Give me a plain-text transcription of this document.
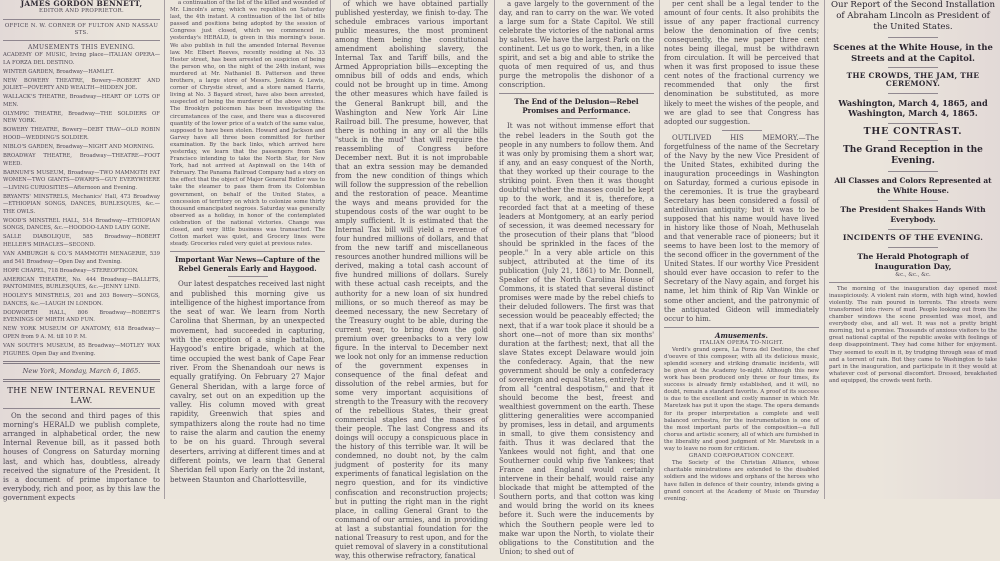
JAMES GORDON BENNETT,
EDITOR AND PROPRIETOR.
OFFICE N. W. CORNER OF FULTON AND NASSAU STS.
AMUSEMENTS THIS EVENING.
ACADEMY OF MUSIC, Irving place—ITALIAN OPERA—LA FORZA DEL DESTINO.
WINTER GARDEN, Broadway—HAMLET.
NEW BOWERY THEATRE, Bowery—ROBERT AND JOLIET—POVERTY AND WEALTH—HIDDEN JOE.
WALLACK'S THEATRE, Broadway—HEART OF LOTS OF MEN.
OLYMPIC THEATRE, Broadway—THE SOLDIERS OF NEW YORK.
BOWERY THEATRE, Bowery—DEBT TRAV—OLD ROBIN HOOD—WEDDING'S SOLDIER.
NIBLO'S GARDEN, Broadway—NIGHT AND MORNING.
BROADWAY THEATRE, Broadway—THEATRE—FOOT WEED.
BARNUM'S MUSEUM, Broadway—TWO MAMMOTH FAT WOMEN—TWO GIANTS—DWARFS—GUY EVERYWHERE—LIVING CURIOSITIES—Afternoon and Evening.
BRYANTS' MINSTRELS, Mechanics' Hall, 473 Broadway—ETHIOPIAN SONGS, DANCES, BURLESQUES, &c.—THE OWLS.
WOOD'S MINSTREL HALL, 514 Broadway—ETHIOPIAN SONGS, DANCES, &c.—HOODOO-LAND LADY GONE.
SALLE DIABOLIQUE, 585 Broadway—ROBERT HELLER'S MIRACLES—SECOND.
VAN AMBURGH & CO.'S MAMMOTH MENAGERIE, 539 and 541 Broadway—Open Day and Evening.
HOPE CHAPEL, 718 Broadway—STEREOPTICON.
AMERICAN THEATRE, No. 444 Broadway—BALLETS, PANTOMIMES, BURLESQUES, &c.—JENNY LIND.
HOOLEY'S MINSTRELS, 201 and 203 Bowery—SONGS, DANCES, &c.—LAUGH IN LONDON.
DODWORTH HALL, 806 Broadway—ROBERT'S EVENINGS OF MIRTH AND FUN.
NEW YORK MUSEUM OF ANATOMY, 618 Broadway—OPEN from 9 A. M. till 10 P. M.
VAN SOUTH'S MUSEUM, 85 Broadway—MOTLEY WAX FIGURES. Open Day and Evening.
New York, Monday, March 6, 1865.
THE NEW INTERNAL REVENUE LAW.

On the second and third pages of this morning's HERALD we publish complete, arranged in alphabetical order, the new Internal Revenue bill, as it passed both houses of Congress on Saturday morning last, and which has, doubtless, already received the signature of the President. It is a document of prime importance to everybody, rich and poor, as by this law the government expects

a continuation of the list of the killed and wounded of Mr. Lincoln's army, which we republish on Saturday last, the 4th instant. A continuation of the list of bills passed and positions being adopted by the session of Congress just closed, which we commenced in yesterday's HERALD, is given in this morning's issue. We also publish in full the amended Internal Revenue law. Mr. Elbert Reeves, recently residing at No. 33 Hester street, has been arrested on suspicion of being the person who, on the night of the 24th instant, was murdered at Mr. Nathaniel B. Patterson and three brothers, a large store of Messrs. Jenkins & Lewis, corner of Chrystie street, and a store named Harris, living at No. 3 Bayard street, have also been arrested, suspected of being the murderer of the above victims. The Brooklyn policemen has been investigating the circumstances of the case, and there was a discovered quantity of the lower price of a watch of the same value, supposed to have been stolen. Howard and Jackson and Garvey have all three been committed for further examination. By the back links, which arrived here yesterday, we learn that the passengers from San Francisco intending to take the North Star, for New York, had not arrived at Aspinwall on the 14th of February. The Panama Railroad Company had a story on the effect that the object of Major General Butler was to take the steamer to pass them from its Colombian government, on behalf of the United States, a concession of territory on which to colonize some thirty thousand emancipated negroes. Saturday was generally observed as a holiday, in honor of the contemplated celebration of the national victories. Change was closed, and very little business was transacted. The Cotton market was quiet, and Grocery lines were steady. Groceries ruled very quiet at previous rates.

Important War News—Capture of the Rebel Generals Early and Haygood.

Our latest despatches received last night and published this morning give us intelligence of the highest importance from the seat of war. We learn from North Carolina that Sherman, by an unexpected movement, had succeeded in capturing, with the exception of a single battalion, Haygood's entire brigade, which at the time occupied the west bank of Cape Fear river. From the Shenandoah our news is equally gratifying. On February 27 Major General Sheridan, with a large force of cavalry, set out on an expedition up the valley. His column moved with great rapidity, Greenwich that spies and sympathizers along the route had no time to raise the alarm and caution the enemy to be on his guard. Through several deserters, arriving at different times and at different points, we learn that General Sheridan fell upon Early on the 2d instant, between Staunton and Charlottesville,

of which we have obtained partially published yesterday, we finish to-day. The schedule embraces various important public measures, the most prominent among them being the constitutional amendment abolishing slavery, the Internal Tax and Tariff bills, and the Armed Appropriation bills—excepting the omnibus bill of odds and ends, which could not be brought up in time. Among the other measures which have failed is the General Bankrupt bill, and the Washington and New York Air Line Railroad bill. The presume, however, that there is nothing in any or all the bills "stuck in the mud" that will require the reassembling of Congress before December next. But it is not improbable that an extra session may be demanded from the new condition of things which will follow the suppression of the rebellion and the restoration of peace. Meantime the ways and means provided for the stupendous costs of the war ought to be amply sufficient. It is estimated that the Internal Tax bill will yield a revenue of four hundred millions of dollars, and that from the new tariff and miscellaneous resources another hundred millions will be derived, making a total cash account of five hundred millions of dollars. Surely with these actual cash receipts, and the authority for a new loan of six hundred millions, or so much thereof as may be deemed necessary, the new Secretary of the Treasury ought to be able, during the current year, to bring down the gold premium over greenbacks to a very low figure. In the interval to December next we look not only for an immense reduction of the government expenses in consequence of the final defeat and dissolution of the rebel armies, but for some very important acquisitions of strength to the Treasury with the recovery of the rebellious States, their great commercial staples and the masses of their people. The last Congress and its doings will occupy a conspicuous place in the history of this terrible war. It will be condemned, no doubt not, by the calm judgment of posterity for its many experiments of fanatical legislation on the negro question, and for its vindictive confiscation and reconstruction projects; but in putting the right man in the right place, in calling General Grant to the command of our armies, and in providing at last a substantial foundation for the national Treasury to rest upon, and for the quiet removal of slavery in a constitutional way, this otherwise refractory, fanatical

a gave largely to the government of the day, and ran to carry on the war. We voted a large sum for a State Capitol. We still celebrate the victories of the national arms by salutes. We have the largest Park on the continent. Let us go to work, then, in a like spirit, and set a big and able to strike the quota of men required of us, and thus purge the metropolis the dishonor of a conscription.

The End of the Delusion—Rebel Promises and Performance.

It was not without immense effort that the rebel leaders in the South got the people in any numbers to follow them. And it was only by promising them a short war, if any, and an easy conquest of the North, that they worked up their courage to the striking point. Even then it was thought doubtful whether the masses could be kept up to the work, and it is, therefore, a recorded fact that at a meeting of these leaders at Montgomery, at an early period of secession, it was deemed necessary for the prosecution of their plans that "blood should be sprinkled in the faces of the people." In a very able article on this subject, attributed at the time of its publication (July 21, 1861) to Mr. Donnell, Speaker of the North Carolina House of Commons, it is stated that several distinct promises were made by the rebel chiefs to their deluded followers. The first was that secession would be peaceably effected; the next, that if a war took place it should be a short one—not of more than six months' duration at the farthest; next, that all the slave States except Delaware would join the confederacy. Again, that the new government should be only a confederacy of sovereign and equal States, entirely free from all "central despotism," and that it should become the best, freest and wealthiest government on the earth. These glittering generalities were accompanied by promises, less in detail, and arguments in small, to give them consistency and faith. Thus it was declared that the Yankees would not fight, and that one Southerner could whip five Yankees; that France and England would certainly intervene in their behalf, would raise any blockade that might be attempted of the Southern ports, and that cotton was king and would bring the world on its knees before it. Such were the inducements by which the Southern people were led to make war upon the North, to violate their obligations to the Constitution and the Union; to shed out of

per cent shall be a legal tender to the amount of four cents. It also prohibits the issue of any paper fractional currency below the denomination of five cents; consequently, the new paper three cent notes being illegal, must be withdrawn from circulation. It will be perceived that when it was first proposed to issue these cent notes of the fractional currency we recommended that only the first denomination be substituted, as more likely to meet the wishes of the people, and we are glad to see that Congress has adopted our suggestion.

OUTLIVED HIS MEMORY.—The forgetfulness of the name of the Secretary of the Navy by the new Vice President of the United States, exhibited during the inauguration proceedings in Washington on Saturday, formed a curious episode in the ceremonies. It is true the graybeard Secretary has been considered a fossil of antediluvian antiquity; but it was to be supposed that his name would have lived in history like those of Noah, Methuselah and that venerable race of pioneers; but it seems to have been lost to the memory of the second officer in the government of the United States. If our worthy Vice President should ever have occasion to refer to the Secretary of the Navy again, and forget his name, let him think of Rip Van Winkle or some other ancient, and the patronymic of the antiquated Gideon will immediately occur to him.

Amusements.
ITALIAN OPERA TO-NIGHT.

Verdi's grand opera, La Forza del Destino, the chef d'oeuvre of this composer, with all its delicious music, splendid scenery and striking dramatic incidents, will be given at the Academy to-night. Although this new work has been produced only three or four times, its success is already firmly established, and it will, no doubt, remain a standard favorite. A proof of its success is due to the excellent and costly manner in which Mr. Maretzek has put it upon the stage. The opera demands for its proper interpretation a complete and well balanced orchestra, for the instrumentation is one of the most important parts of the composition—a full chorus and artistic scenery, all of which are furnished in the liberality and good judgment of Mr. Maretzek in a way to leave no room for criticism.

GRAND CORPORATION CONCERT.

The Society of the Christian Alliance, whose charitable ministrations are extended to the disabled soldiers and the widows and orphans of the heroes who have fallen in defence of their country, intends giving a grand concert at the Academy of Music on Thursday evening.

Our Report of the Second Installation of Abraham Lincoln as President of the United States.
Scenes at the White House, in the Streets and at the Capitol.
THE CROWDS, THE JAM, THE CEREMONY.
Washington, March 4, 1865, and Washington, March 4, 1865.
THE CONTRAST.
The Grand Reception in the Evening.
All Classes and Colors Represented at the White House.
The President Shakes Hands With Everybody.
INCIDENTS OF THE EVENING.
The Herald Photograph of Inauguration Day,
&c., &c., &c.

The morning of the inauguration day opened most inauspiciously. A violent rain storm, with high wind, howled violently. The rain poured in torrents. The streets were transformed into rivers of mud. People looking out from the chamber windows the scene presented was most, and everybody else, and all wet. It was not a pretty bright morning, but a promise. Thousands of anxious visitors to the great national capital of the republic awoke with feelings of deep disappointment. They had come hither for enjoyment. They seemed to exult in it, by trudging through seas of mud and a torrent of rain. But they came to Washington to take part in the inauguration, and participate in it they would at whatever cost of personal discomfort. Dressed, breakfasted and equipped, the crowds went forth.
